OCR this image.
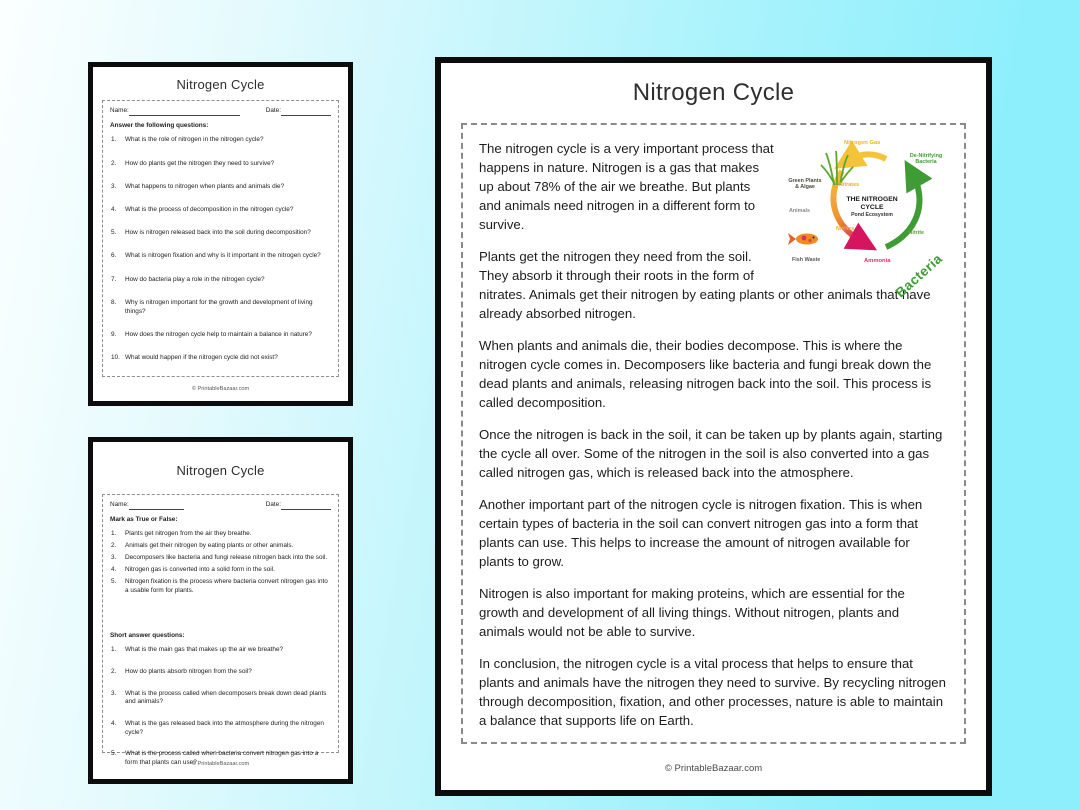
Nitrogen Cycle
Name:	Date:
Answer the following questions:
What is the role of nitrogen in the nitrogen cycle?
How do plants get the nitrogen they need to survive?
What happens to nitrogen when plants and animals die?
What is the process of decomposition in the nitrogen cycle?
How is nitrogen released back into the soil during decomposition?
What is nitrogen fixation and why is it important in the nitrogen cycle?
How do bacteria play a role in the nitrogen cycle?
Why is nitrogen important for the growth and development of living things?
How does the nitrogen cycle help to maintain a balance in nature?
What would happen if the nitrogen cycle did not exist?
© PrintableBazaar.com
Nitrogen Cycle
Name:	Date:
Mark as True or False:
Plants get nitrogen from the air they breathe.
Animals get their nitrogen by eating plants or other animals.
Decomposers like bacteria and fungi release nitrogen back into the soil.
Nitrogen gas is converted into a solid form in the soil.
Nitrogen fixation is the process where bacteria convert nitrogen gas into a usable form for plants.
Short answer questions:
What is the main gas that makes up the air we breathe?
How do plants absorb nitrogen from the soil?
What is the process called when decomposers break down dead plants and animals?
What is the gas released back into the atmosphere during the nitrogen cycle?
What is the process called when bacteria convert nitrogen gas into a form that plants can use?
© PrintableBazaar.com
Nitrogen Cycle
Nitrogen Gas
De-Nitrifying Bacteria
Green Plants & Algae	Nitrates
Animals
Nitrites
Fish Waste	Ammonia
Nitrite
Bacteria
THE NITROGEN CYCLE
Pond Ecosystem

The nitrogen cycle is a very important process that happens in nature. Nitrogen is a gas that makes up about 78% of the air we breathe. But plants and animals need nitrogen in a different form to survive.

Plants get the nitrogen they need from the soil. They absorb it through their roots in the form of nitrates. Animals get their nitrogen by eating plants or other animals that have already absorbed nitrogen.

When plants and animals die, their bodies decompose. This is where the nitrogen cycle comes in. Decomposers like bacteria and fungi break down the dead plants and animals, releasing nitrogen back into the soil. This process is called decomposition.

Once the nitrogen is back in the soil, it can be taken up by plants again, starting the cycle all over. Some of the nitrogen in the soil is also converted into a gas called nitrogen gas, which is released back into the atmosphere.

Another important part of the nitrogen cycle is nitrogen fixation. This is when certain types of bacteria in the soil can convert nitrogen gas into a form that plants can use. This helps to increase the amount of nitrogen available for plants to grow.

Nitrogen is also important for making proteins, which are essential for the growth and development of all living things. Without nitrogen, plants and animals would not be able to survive.

In conclusion, the nitrogen cycle is a vital process that helps to ensure that plants and animals have the nitrogen they need to survive. By recycling nitrogen through decomposition, fixation, and other processes, nature is able to maintain a balance that supports life on Earth.

© PrintableBazaar.com
